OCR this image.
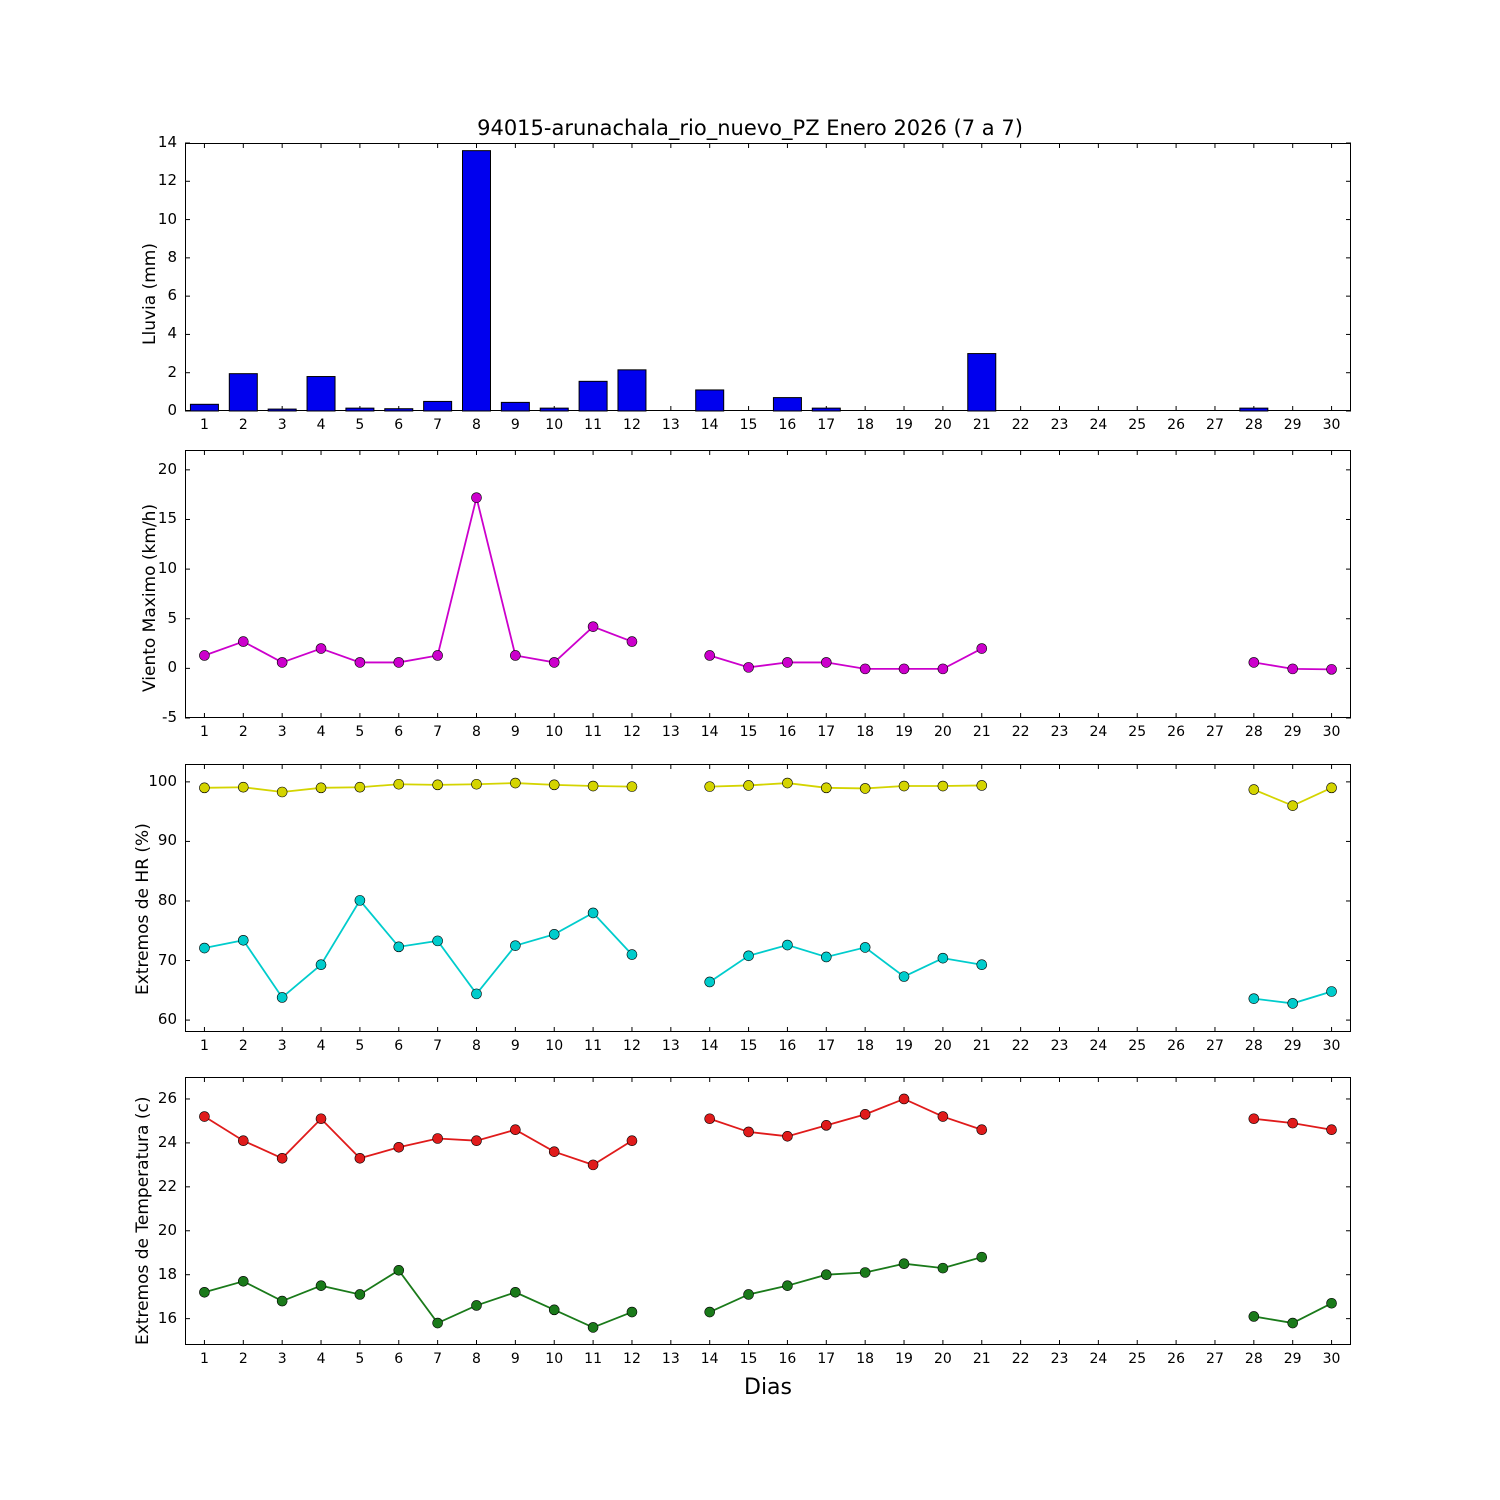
94015-arunachala_rio_nuevo_PZ Enero 2026 (7 a 7)
Lluvia (mm)
Viento Maximo (km/h)
Extremos de HR (%)
Extremos de Temperatura (c)
Dias
0
2
4
6
8
10
12
14
1	2	3	4	5	6	7	8	9	10	11	12	13	14	15	16	17	18	19	20	21	22	23	24	25	26	27	28	29	30
-5
0
5
10
15
20
1	2	3	4	5	6	7	8	9	10	11	12	13	14	15	16	17	18	19	20	21	22	23	24	25	26	27	28	29	30
60
70
80
90
100
1	2	3	4	5	6	7	8	9	10	11	12	13	14	15	16	17	18	19	20	21	22	23	24	25	26	27	28	29	30
16
18
20
22
24
26
1	2	3	4	5	6	7	8	9	10	11	12	13	14	15	16	17	18	19	20	21	22	23	24	25	26	27	28	29	30
